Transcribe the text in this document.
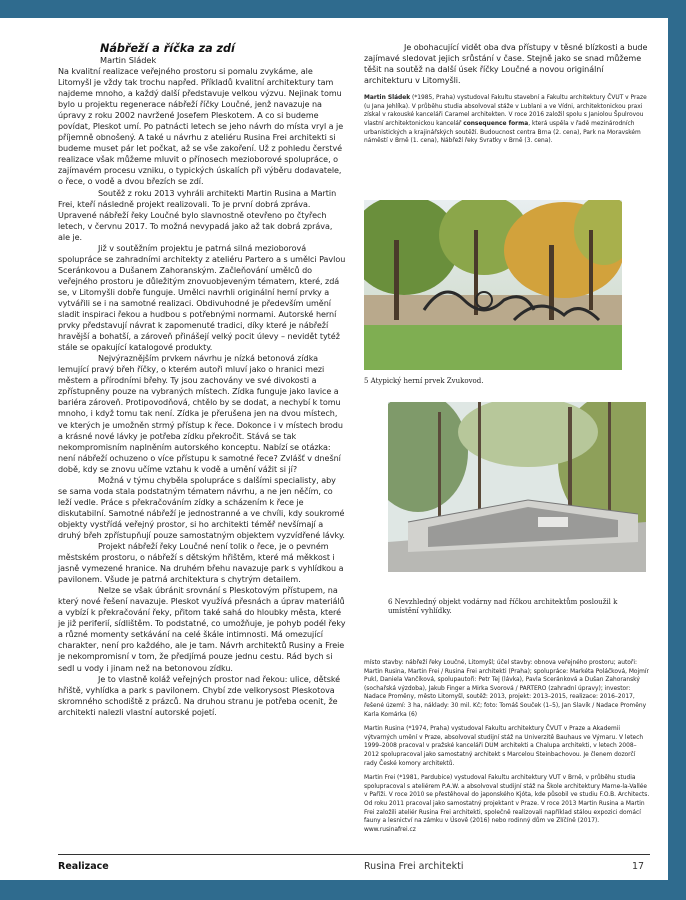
Nábřeží a říčka za zdí
Martin Sládek

Na kvalitní realizace veřejného prostoru si pomalu zvykáme, ale Litomyšl je vždy tak trochu napřed. Příkladů kvalitní architektury tam najdeme mnoho, a každý další představuje velkou výzvu. Nejinak tomu bylo u projektu regenerace nábřeží říčky Loučné, jenž navazuje na úpravy z roku 2002 navržené Josefem Pleskotem. A co si budeme povídat, Pleskot umí. Po patnácti letech se jeho návrh do místa vryl a je příjemně obnošený. A také u návrhu z ateliéru Rusina Frei architekti si budeme muset pár let počkat, až se vše zakoření. Už z pohledu čerstvé realizace však můžeme mluvit o přínosech mezioborové spolupráce, o zajímavém procesu vzniku, o typických úskalích při výběru dodavatele, o řece, o vodě a dvou březích se zdí.

Soutěž z roku 2013 vyhráli architekti Martin Rusina a Martin Frei, kteří následně projekt realizovali. To je první dobrá zpráva. Upravené nábřeží řeky Loučné bylo slavnostně otevřeno po čtyřech letech, v červnu 2017. To možná nevypadá jako až tak dobrá zpráva, ale je.

Již v soutěžním projektu je patrná silná mezioborová spolupráce se zahradními architekty z ateliéru Partero a s umělci Pavlou Sceránkovou a Dušanem Zahoranským. Začleňování umělců do veřejného prostoru je důležitým znovuobjeveným tématem, které, zdá se, v Litomyšli dobře funguje. Umělci navrhli originální herní prvky a vytvářili se i na samotné realizaci. Obdivuhodné je především umění sladit inspiraci řekou a hudbou s potřebnými normami. Autorské herní prvky představují návrat k zapomenuté tradici, díky které je nábřeží hravější a bohatší, a zároveň přinášejí velký pocit úlevy – nevidět tytéž stále se opakující katalogové produkty.

Nejvýraznějším prvkem návrhu je nízká betonová zídka lemující pravý břeh říčky, o kterém autoři mluví jako o hranici mezi městem a přírodními břehy. Ty jsou zachovány ve své divokosti a zpřístupněny pouze na vybraných místech. Zídka funguje jako lavice a bariéra zároveň. Protipovodňová, chtělo by se dodat, a nechybí k tomu mnoho, i když tomu tak není. Zídka je přerušena jen na dvou místech, ve kterých je umožněn strmý přístup k řece. Dokonce i v místech brodu a krásné nové lávky je potřeba zídku překročit. Stává se tak nekompromisním naplněním autorského konceptu. Nabízí se otázka: není nábřeží ochuzeno o více přístupu k samotné řece? Zvlášť v dnešní době, kdy se znovu učíme vztahu k vodě a umění vážit si jí?

Možná v týmu chyběla spolupráce s dalšími specialisty, aby se sama voda stala podstatným tématem návrhu, a ne jen něčím, co leží vedle. Práce s překračováním zídky a scházením k řece je diskutabilní. Samotné nábřeží je jednostranné a ve chvíli, kdy soukromé objekty vystřídá veřejný prostor, si ho architekti téměř nevšímají a druhý břeh zpřístupňují pouze samostatným objektem vyzvídřené lávky.

Projekt nábřeží řeky Loučné není tolik o řece, je o pevném městském prostoru, o nábřeží s dětským hřištěm, které má měkkost i jasně vymezené hranice. Na druhém břehu navazuje park s vyhlídkou a pavilonem. Všude je patrná architektura s chytrým detailem.

Nelze se však úbránit srovnání s Pleskotovým přístupem, na který nové řešení navazuje. Pleskot využívá přesnách a úprav materiálů a vybízí k překračování řeky, přitom také sahá do hloubky města, které je již periferií, sídlištěm. To podstatné, co umožňuje, je pohyb podél řeky a různé momenty setkávání na celé škále intimnosti. Má omezující charakter, není pro každého, ale je tam. Návrh architektů Rusiny a Freie je nekompromisní v tom, že předjímá pouze jednu cestu. Rád bych si sedl u vody i jinam než na betonovou zídku.

Je to vlastně koláž veřejných prostor nad řekou: ulice, dětské hřiště, vyhlídka a park s pavilonem. Chybí zde velkorysost Pleskotova skromného schodiště z prázců. Na druhou stranu je potřeba ocenit, že architekti nalezli vlastní autorské pojetí.

Je obohacující vidět oba dva přístupy v těsné blízkosti a bude zajímavé sledovat jejich srůstání v čase. Stejně jako se snad můžeme těšit na soutěž na další úsek říčky Loučné a novou originální architekturu v Litomyšli.

Martin Sládek (*1985, Praha) vystudoval Fakultu stavební a Fakultu architektury ČVUT v Praze (u Jana Jehlíka). V průběhu studia absolvoval stáže v Lublani a ve Vídni, architektonickou praxi získal v rakouské kanceláři Caramel architekten. V roce 2016 založil spolu s Janiolou Špulrovou vlastní architektonickou kancelář consequence forma, která uspěla v řadě mezinárodních urbanistických a krajinářských soutěží. Budoucnost centra Brna (2. cena), Park na Moravském náměstí v Brně (1. cena), Nábřeží řeky Svratky v Brně (3. cena).
5 Atypický herní prvek Zvukovod.
6 Nevzhledný objekt vodárny nad říčkou architektům posloužil k umístění vyhlídky.

místo stavby: nábřeží řeky Loučné, Litomyšl; účel stavby: obnova veřejného prostoru; autoři: Martin Rusina, Martin Frei / Rusina Frei architekti (Praha); spolupráce: Markéta Poláčková, Mojmír Pukl, Daniela Vančíková, spolupautoři: Petr Tej (lávka), Pavla Sceránková a Dušan Zahoranský (sochařská výzdoba), Jakub Finger a Mirka Svorová / PARTERO (zahradní úpravy); investor: Nadace Proměny, město Litomyšl, soutěž: 2013, projekt: 2013–2015, realizace: 2016–2017, řešené území: 3 ha, náklady: 30 mil. Kč; foto: Tomáš Souček (1–5), Jan Slavík / Nadace Proměny Karla Komárka (6)

Martin Rusina (*1974, Praha) vystudoval Fakultu architektury ČVUT v Praze a Akademii výtvarných umění v Praze, absolvoval studijní stáž na Univerzitě Bauhaus ve Výmaru. V letech 1999–2008 pracoval v pražské kanceláři DUM architekti a Chalupa architekti, v letech 2008–2012 spolupracoval jako samostatný architekt s Marcelou Steinbachovou. Je členem dozorčí rady České komory architektů.

Martin Frei (*1981, Pardubice) vystudoval Fakultu architektury VUT v Brně, v průběhu studia spolupracoval s ateliérem P.A.W. a absolvoval studijní stáž na Škole architektury Marne-la-Vallée v Paříži. V roce 2010 se přestěhoval do japonského Kjóta, kde působil ve studiu F.O.B. Architects. Od roku 2011 pracoval jako samostatný projektant v Praze. V roce 2013 Martin Rusina a Martin Frei založili ateliér Rusina Frei architekti, společně realizovali například stálou expozici domácí fauny a lesnictví na zámku v Úsově (2016) nebo rodinný dům ve Zlíčíně (2017). www.rusinafrei.cz

Realizace	Rusina Frei architekti	17
